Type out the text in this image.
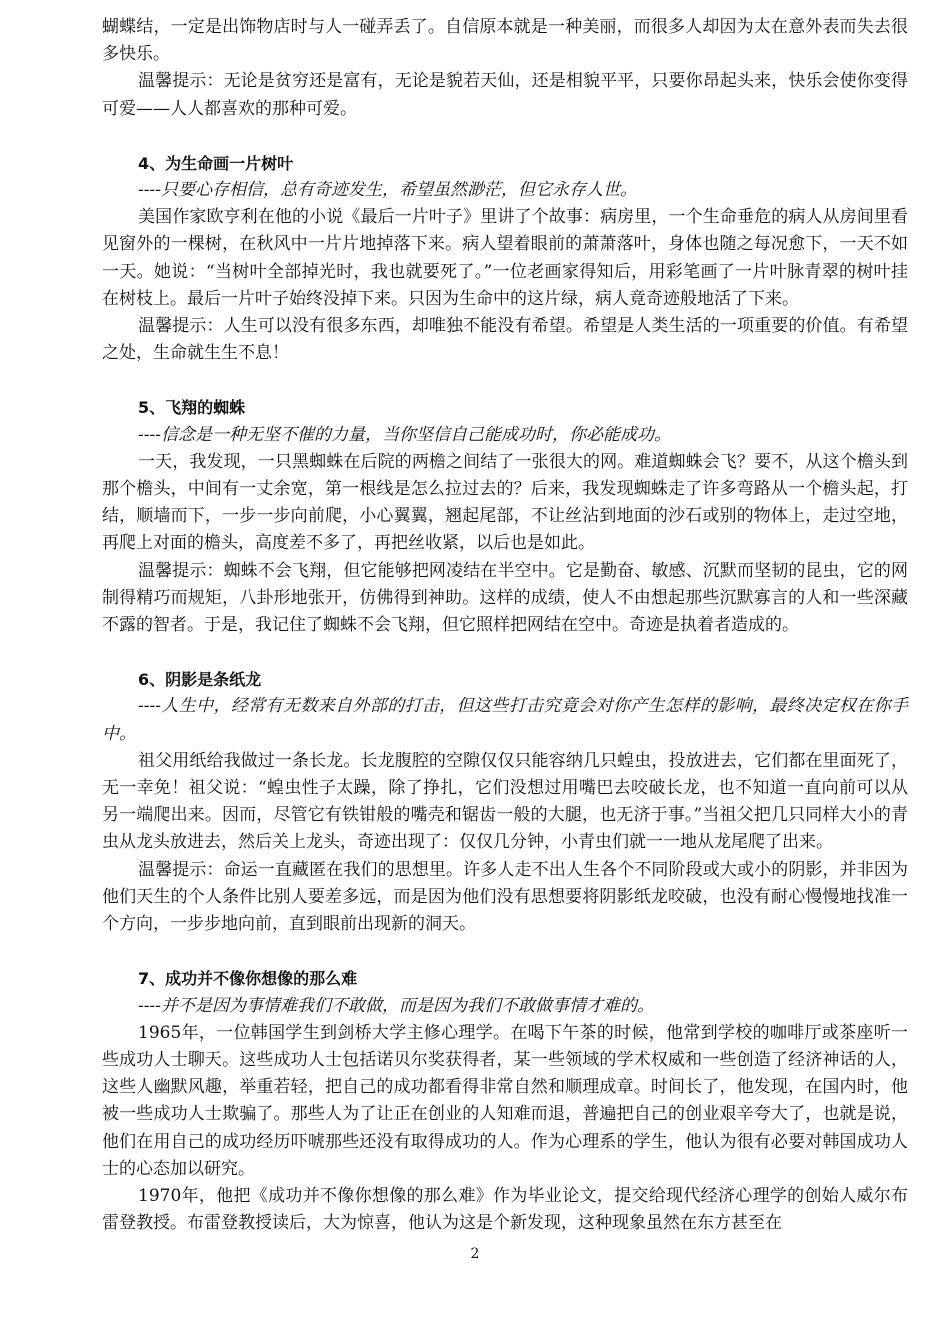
蝴蝶结，一定是出饰物店时与人一碰弄丢了。自信原本就是一种美丽，而很多人却因为太在意外表而失去很多快乐。

温馨提示：无论是贫穷还是富有，无论是貌若天仙，还是相貌平平，只要你昂起头来，快乐会使你变得可爱——人人都喜欢的那种可爱。

4、为生命画一片树叶

----只要心存相信，总有奇迹发生，希望虽然渺茫，但它永存人世。

美国作家欧亨利在他的小说《最后一片叶子》里讲了个故事：病房里，一个生命垂危的病人从房间里看见窗外的一棵树，在秋风中一片片地掉落下来。病人望着眼前的萧萧落叶，身体也随之每况愈下，一天不如一天。她说：“当树叶全部掉光时，我也就要死了。”一位老画家得知后，用彩笔画了一片叶脉青翠的树叶挂在树枝上。最后一片叶子始终没掉下来。只因为生命中的这片绿，病人竟奇迹般地活了下来。

温馨提示：人生可以没有很多东西，却唯独不能没有希望。希望是人类生活的一项重要的价值。有希望之处，生命就生生不息！

5、飞翔的蜘蛛

----信念是一种无坚不催的力量，当你坚信自己能成功时，你必能成功。

一天，我发现，一只黑蜘蛛在后院的两檐之间结了一张很大的网。难道蜘蛛会飞？要不，从这个檐头到那个檐头，中间有一丈余宽，第一根线是怎么拉过去的？后来，我发现蜘蛛走了许多弯路从一个檐头起，打结，顺墙而下，一步一步向前爬，小心翼翼，翘起尾部，不让丝沾到地面的沙石或别的物体上，走过空地，再爬上对面的檐头，高度差不多了，再把丝收紧，以后也是如此。

温馨提示：蜘蛛不会飞翔，但它能够把网凌结在半空中。它是勤奋、敏感、沉默而坚韧的昆虫，它的网制得精巧而规矩，八卦形地张开，仿佛得到神助。这样的成绩，使人不由想起那些沉默寡言的人和一些深藏不露的智者。于是，我记住了蜘蛛不会飞翔，但它照样把网结在空中。奇迹是执着者造成的。

6、阴影是条纸龙

----人生中，经常有无数来自外部的打击，但这些打击究竟会对你产生怎样的影响，最终决定权在你手中。

祖父用纸给我做过一条长龙。长龙腹腔的空隙仅仅只能容纳几只蝗虫，投放进去，它们都在里面死了，无一幸免！祖父说：“蝗虫性子太躁，除了挣扎，它们没想过用嘴巴去咬破长龙，也不知道一直向前可以从另一端爬出来。因而，尽管它有铁钳般的嘴壳和锯齿一般的大腿，也无济于事。”当祖父把几只同样大小的青虫从龙头放进去，然后关上龙头，奇迹出现了：仅仅几分钟，小青虫们就一一地从龙尾爬了出来。

温馨提示：命运一直藏匿在我们的思想里。许多人走不出人生各个不同阶段或大或小的阴影，并非因为他们天生的个人条件比别人要差多远，而是因为他们没有思想要将阴影纸龙咬破，也没有耐心慢慢地找准一个方向，一步步地向前，直到眼前出现新的洞天。

7、成功并不像你想像的那么难

----并不是因为事情难我们不敢做，而是因为我们不敢做事情才难的。

1965年，一位韩国学生到剑桥大学主修心理学。在喝下午茶的时候，他常到学校的咖啡厅或茶座听一些成功人士聊天。这些成功人士包括诺贝尔奖获得者，某一些领域的学术权威和一些创造了经济神话的人，这些人幽默风趣，举重若轻，把自己的成功都看得非常自然和顺理成章。时间长了，他发现，在国内时，他被一些成功人士欺骗了。那些人为了让正在创业的人知难而退，普遍把自己的创业艰辛夸大了，也就是说，他们在用自己的成功经历吓唬那些还没有取得成功的人。作为心理系的学生，他认为很有必要对韩国成功人士的心态加以研究。

1970年，他把《成功并不像你想像的那么难》作为毕业论文，提交给现代经济心理学的创始人威尔布雷登教授。布雷登教授读后，大为惊喜，他认为这是个新发现，这种现象虽然在东方甚至在

2
